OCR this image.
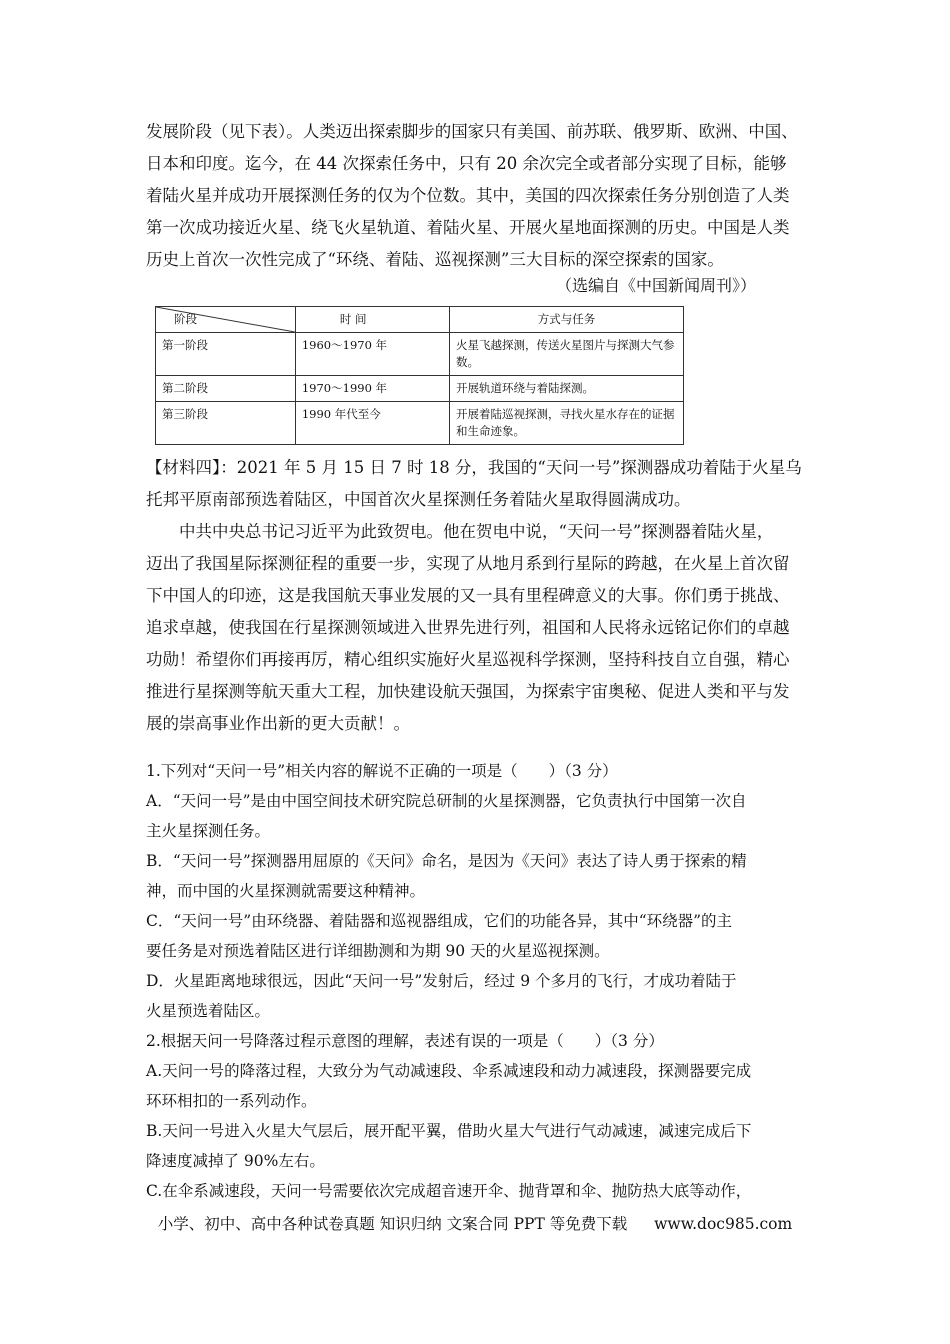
发展阶段（见下表）。人类迈出探索脚步的国家只有美国、前苏联、俄罗斯、欧洲、中国、
日本和印度。迄今，在 44 次探索任务中，只有 20 余次完全或者部分实现了目标，能够
着陆火星并成功开展探测任务的仅为个位数。其中，美国的四次探索任务分别创造了人类
第一次成功接近火星、绕飞火星轨道、着陆火星、开展火星地面探测的历史。中国是人类
历史上首次一次性完成了“环绕、着陆、巡视探测”三大目标的深空探索的国家。
（选编自《中国新闻周刊》）
阶段	时 间	方式与任务
第一阶段	1960～1970 年	火星飞越探测，传送火星图片与探测大气参数。
第二阶段	1970～1990 年	开展轨道环绕与着陆探测。
第三阶段	1990 年代至今	开展着陆巡视探测，寻找火星水存在的证据和生命迹象。
【材料四】：2021 年 5 月 15 日 7 时 18 分，我国的“天问一号”探测器成功着陆于火星乌
托邦平原南部预选着陆区，中国首次火星探测任务着陆火星取得圆满成功。
　　中共中央总书记习近平为此致贺电。他在贺电中说，“天问一号”探测器着陆火星，
迈出了我国星际探测征程的重要一步，实现了从地月系到行星际的跨越，在火星上首次留
下中国人的印迹，这是我国航天事业发展的又一具有里程碑意义的大事。你们勇于挑战、
追求卓越，使我国在行星探测领域进入世界先进行列，祖国和人民将永远铭记你们的卓越
功勋！希望你们再接再厉，精心组织实施好火星巡视科学探测，坚持科技自立自强，精心
推进行星探测等航天重大工程，加快建设航天强国，为探索宇宙奥秘、促进人类和平与发
展的崇高事业作出新的更大贡献！。
1.下列对“天问一号”相关内容的解说不正确的一项是（　　）（3 分）
A．“天问一号”是由中国空间技术研究院总研制的火星探测器，它负责执行中国第一次自
主火星探测任务。
B．“天问一号”探测器用屈原的《天问》命名，是因为《天问》表达了诗人勇于探索的精
神，而中国的火星探测就需要这种精神。
C．“天问一号”由环绕器、着陆器和巡视器组成，它们的功能各异，其中“环绕器”的主
要任务是对预选着陆区进行详细勘测和为期 90 天的火星巡视探测。
D．火星距离地球很远，因此“天问一号”发射后，经过 9 个多月的飞行，才成功着陆于
火星预选着陆区。
2.根据天问一号降落过程示意图的理解，表述有误的一项是（　　）（3 分）
A.天问一号的降落过程，大致分为气动减速段、伞系减速段和动力减速段，探测器要完成
环环相扣的一系列动作。
B.天问一号进入火星大气层后，展开配平翼，借助火星大气进行气动减速，减速完成后下
降速度减掉了 90%左右。
C.在伞系减速段，天问一号需要依次完成超音速开伞、抛背罩和伞、抛防热大底等动作，
小学、初中、高中各种试卷真题 知识归纳 文案合同 PPT 等免费下载 www.doc985.com
